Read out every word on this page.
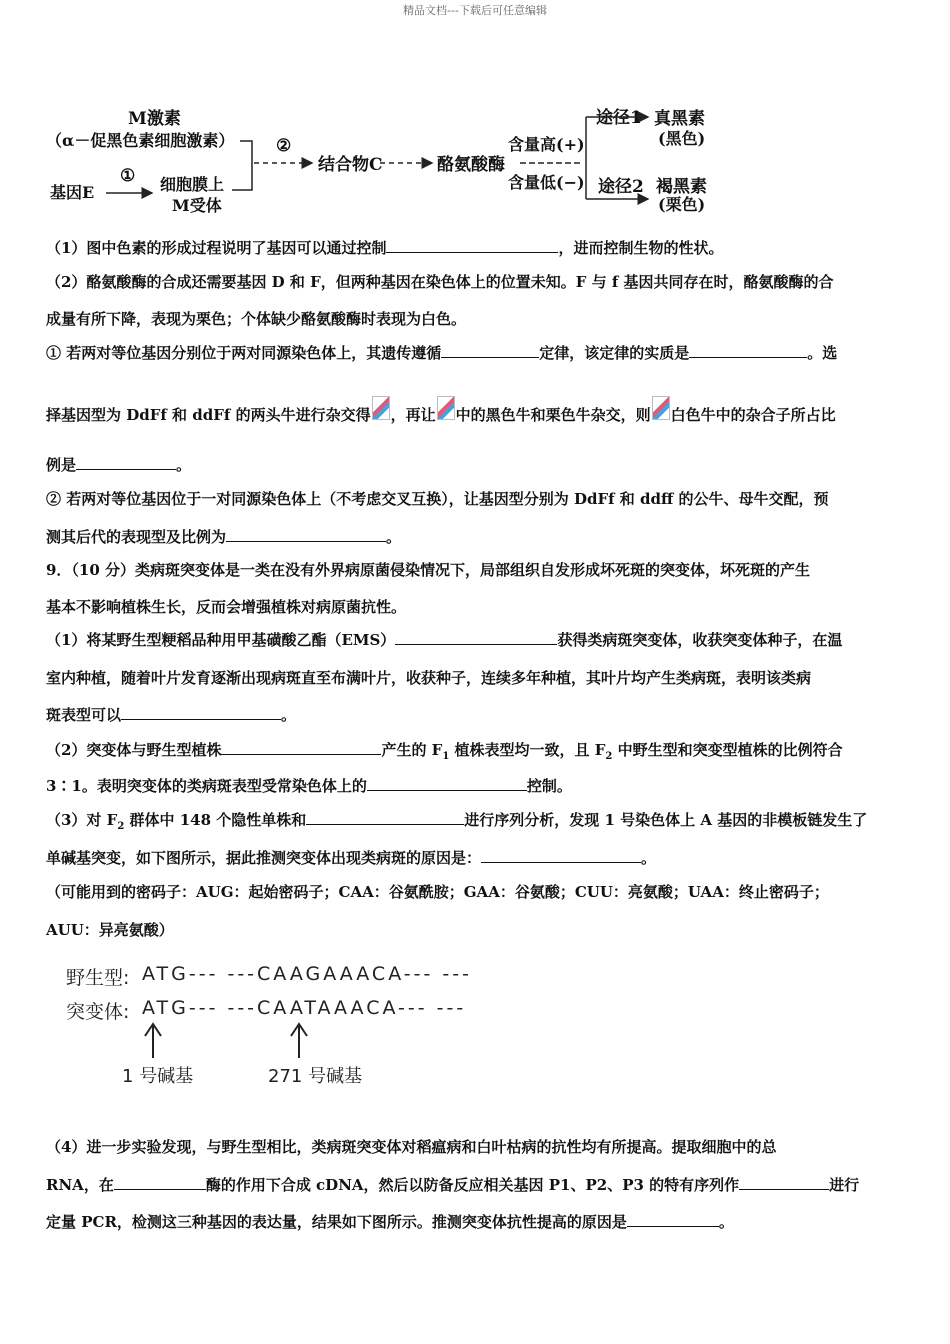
精品文档---下载后可任意编辑
M激素
（α－促黑色素细胞激素）
基因E
① 细胞膜上
M受体
②
结合物C	酪氨酸酶
含量高(+)
含量低(−)
途径1
途径2
真黑素
(黑色)
褐黑素
(栗色)
（1）图中色素的形成过程说明了基因可以通过控制	，进而控制生物的性状。
（2）酪氨酸酶的合成还需要基因 D 和 F，但两种基因在染色体上的位置未知。F 与 f 基因共同存在时，酪氨酸酶的合
成量有所下降，表现为栗色；个体缺少酪氨酸酶时表现为白色。
① 若两对等位基因分别位于两对同源染色体上，其遗传遵循	定律，该定律的实质是	。选
择基因型为 DdFf 和 ddFf 的两头牛进行杂交得 ，再让 中的黑色牛和栗色牛杂交，则 白色牛中的杂合子所占比
例是	。
② 若两对等位基因位于一对同源染色体上（不考虑交叉互换），让基因型分别为 DdFf 和 ddff 的公牛、母牛交配，预
测其后代的表现型及比例为	。
9．（10 分）类病斑突变体是一类在没有外界病原菌侵染情况下，局部组织自发形成坏死斑的突变体，坏死斑的产生
基本不影响植株生长，反而会增强植株对病原菌抗性。
（1）将某野生型粳稻品种用甲基磺酸乙酯（EMS）	获得类病斑突变体，收获突变体种子，在温
室内种植，随着叶片发育逐渐出现病斑直至布满叶片，收获种子，连续多年种植，其叶片均产生类病斑，表明该类病
斑表型可以	。
（2）突变体与野生型植株	产生的 $F_1$ 植株表型均一致，且 $F_2$ 中野生型和突变型植株的比例符合
3∶1。表明突变体的类病斑表型受常染色体上的	控制。
（3）对 $F_2$ 群体中 148 个隐性单株和	进行序列分析，发现 1 号染色体上 A 基因的非模板链发生了
单碱基突变，如下图所示，据此推测突变体出现类病斑的原因是：	。
（可能用到的密码子：AUG：起始密码子；CAA：谷氨酰胺；GAA：谷氨酸；CUU：亮氨酸；UAA：终止密码子；
AUU：异亮氨酸）
野生型: ATG--- ---CAAGAAACA--- ---
突变体: ATG--- ---CAATAAACA--- ---
1 号碱基	271 号碱基
（4）进一步实验发现，与野生型相比，类病斑突变体对稻瘟病和白叶枯病的抗性均有所提高。提取细胞中的总
RNA，在	酶的作用下合成 cDNA，然后以防备反应相关基因 P1、P2、P3 的特有序列作	进行
定量 PCR，检测这三种基因的表达量，结果如下图所示。推测突变体抗性提高的原因是	。
